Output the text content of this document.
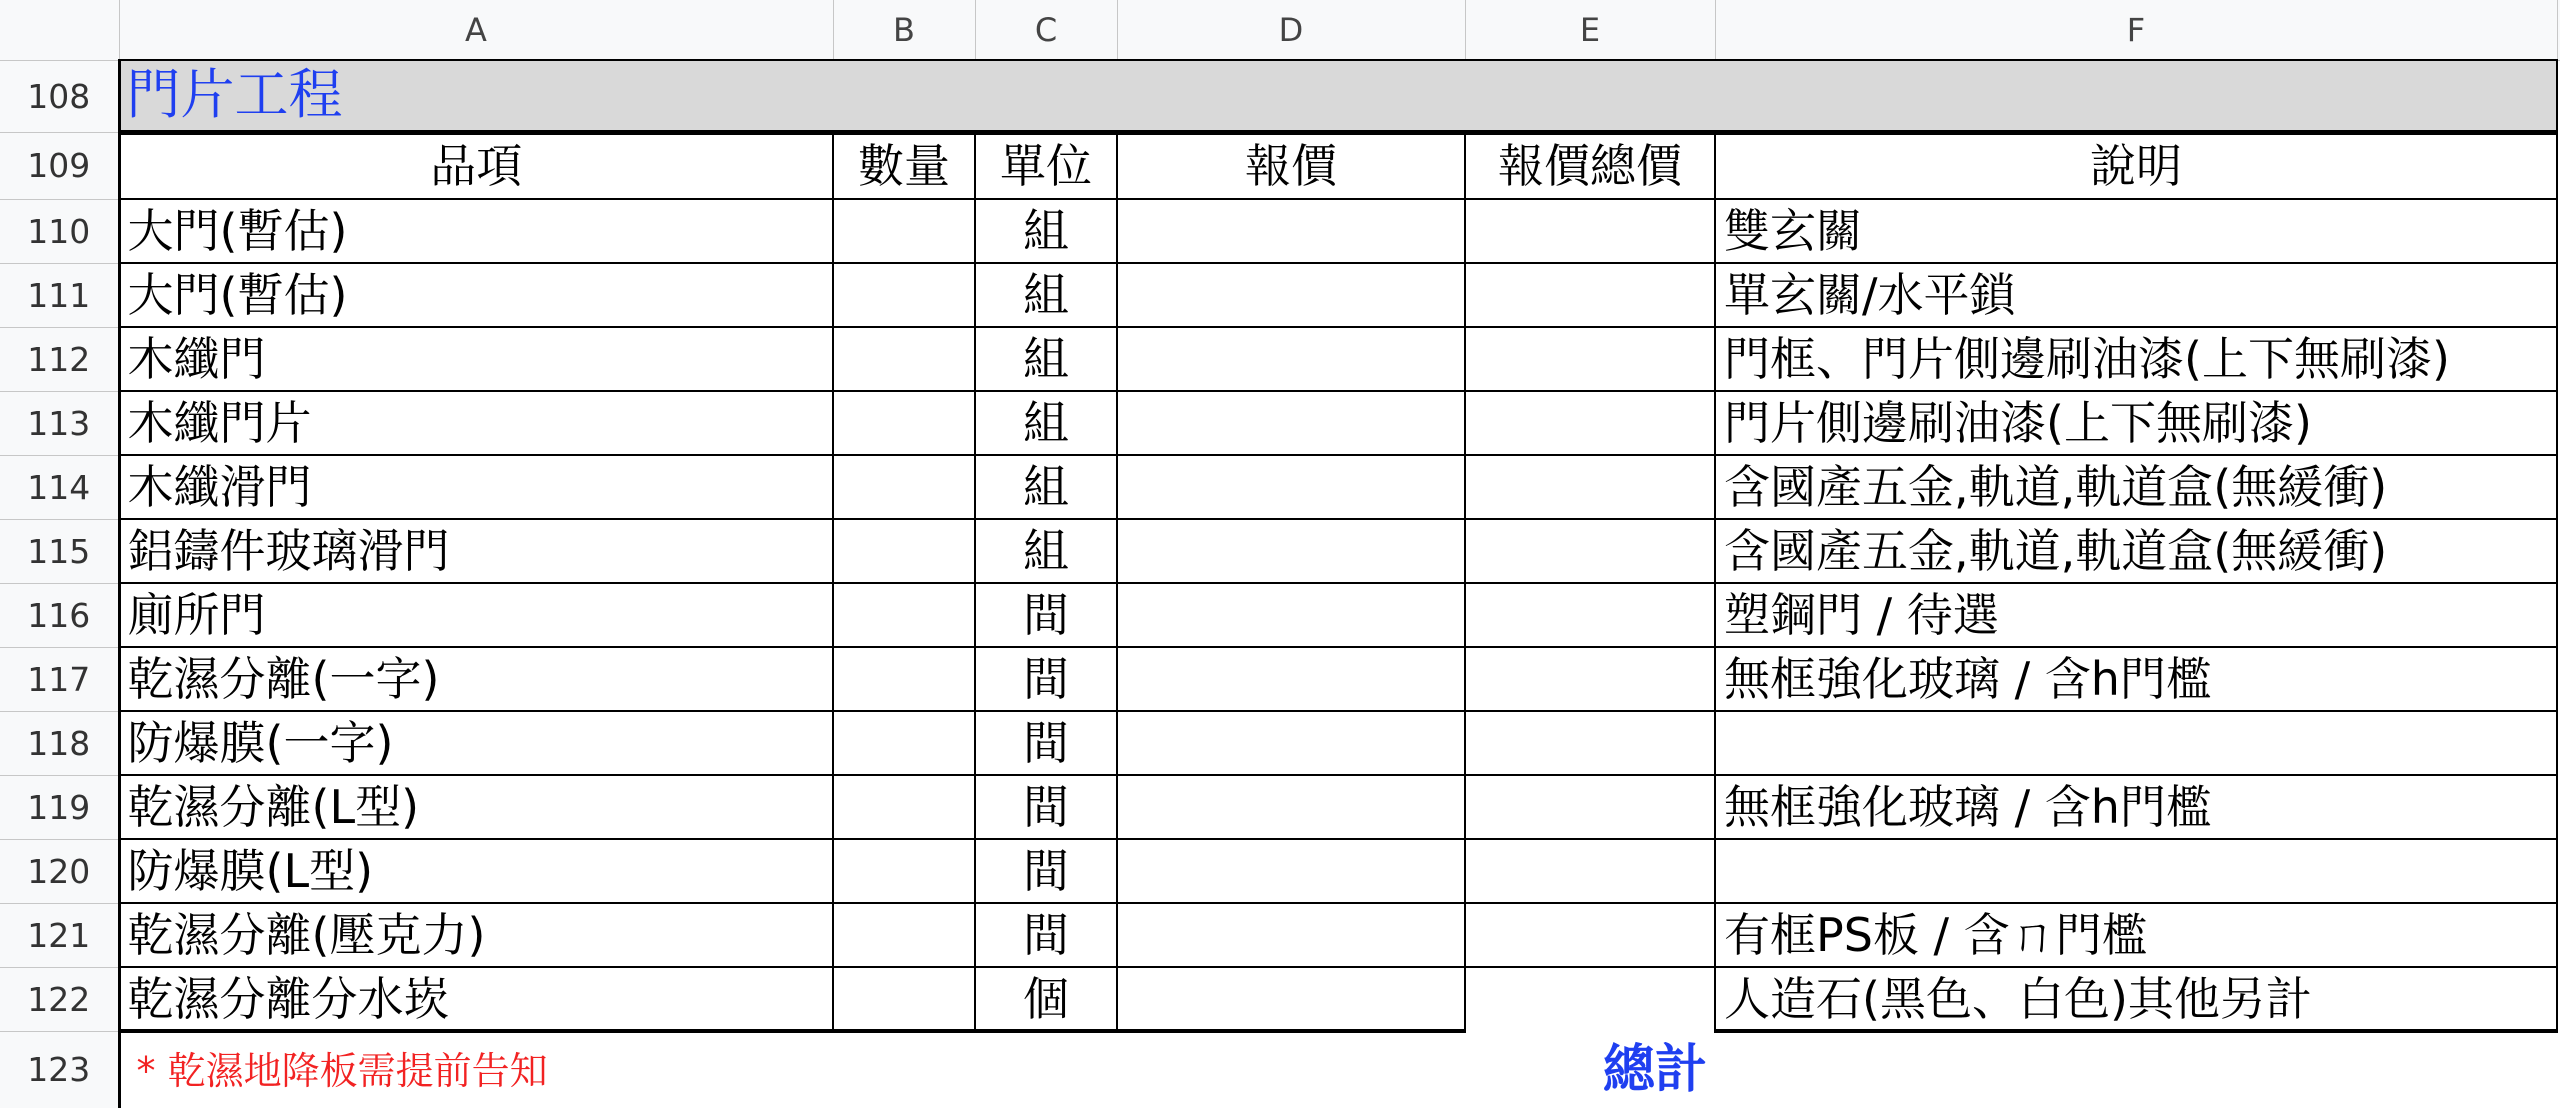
	A	B	C	D	E	F	
108	門片工程						
109	品項	數量	單位	報價	報價總價	說明	
110	大門(暫估)		組			雙玄關	
111	大門(暫估)		組			單玄關/水平鎖	
112	木纖門		組			門框、門片側邊刷油漆(上下無刷漆)	
113	木纖門片		組			門片側邊刷油漆(上下無刷漆)	
114	木纖滑門		組			含國產五金,軌道,軌道盒(無緩衝)	
115	鋁鑄件玻璃滑門		組			含國產五金,軌道,軌道盒(無緩衝)	
116	廁所門		間			塑鋼門 / 待選	
117	乾濕分離(一字)		間			無框強化玻璃 / 含h門檻	
118	防爆膜(一字)		間				
119	乾濕分離(L型)		間			無框強化玻璃 / 含h門檻	
120	防爆膜(L型)		間				
121	乾濕分離(壓克力)		間			有框PS板 / 含ㄇ門檻	
122	乾濕分離分水崁		個			人造石(黑色、白色)其他另計	
123	* 乾濕地降板需提前告知				總計		
